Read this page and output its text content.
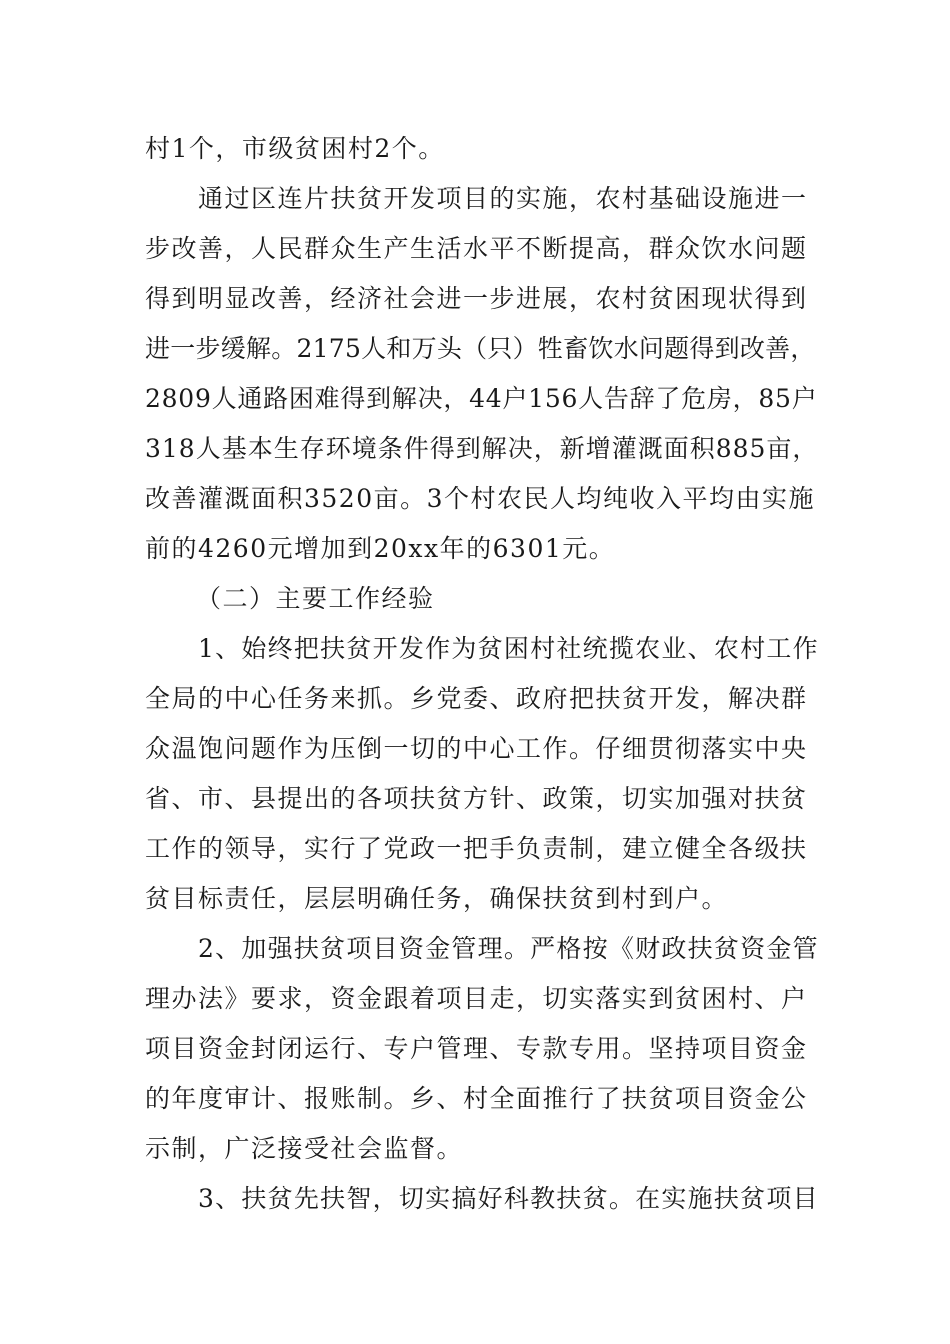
村1个，市级贫困村2个。
通过区连片扶贫开发项目的实施，农村基础设施进一
步改善，人民群众生产生活水平不断提高，群众饮水问题
得到明显改善，经济社会进一步进展，农村贫困现状得到
进一步缓解。2175人和万头（只）牲畜饮水问题得到改善，
2809人通路困难得到解决，44户156人告辞了危房，85户
318人基本生存环境条件得到解决，新增灌溉面积885亩，
改善灌溉面积3520亩。3个村农民人均纯收入平均由实施
前的4260元增加到20xx年的6301元。
（二）主要工作经验
1、始终把扶贫开发作为贫困村社统揽农业、农村工作
全局的中心任务来抓。乡党委、政府把扶贫开发，解决群
众温饱问题作为压倒一切的中心工作。仔细贯彻落实中央
省、市、县提出的各项扶贫方针、政策，切实加强对扶贫
工作的领导，实行了党政一把手负责制，建立健全各级扶
贫目标责任，层层明确任务，确保扶贫到村到户。
2、加强扶贫项目资金管理。严格按《财政扶贫资金管
理办法》要求，资金跟着项目走，切实落实到贫困村、户
项目资金封闭运行、专户管理、专款专用。坚持项目资金
的年度审计、报账制。乡、村全面推行了扶贫项目资金公
示制，广泛接受社会监督。
3、扶贫先扶智，切实搞好科教扶贫。在实施扶贫项目
